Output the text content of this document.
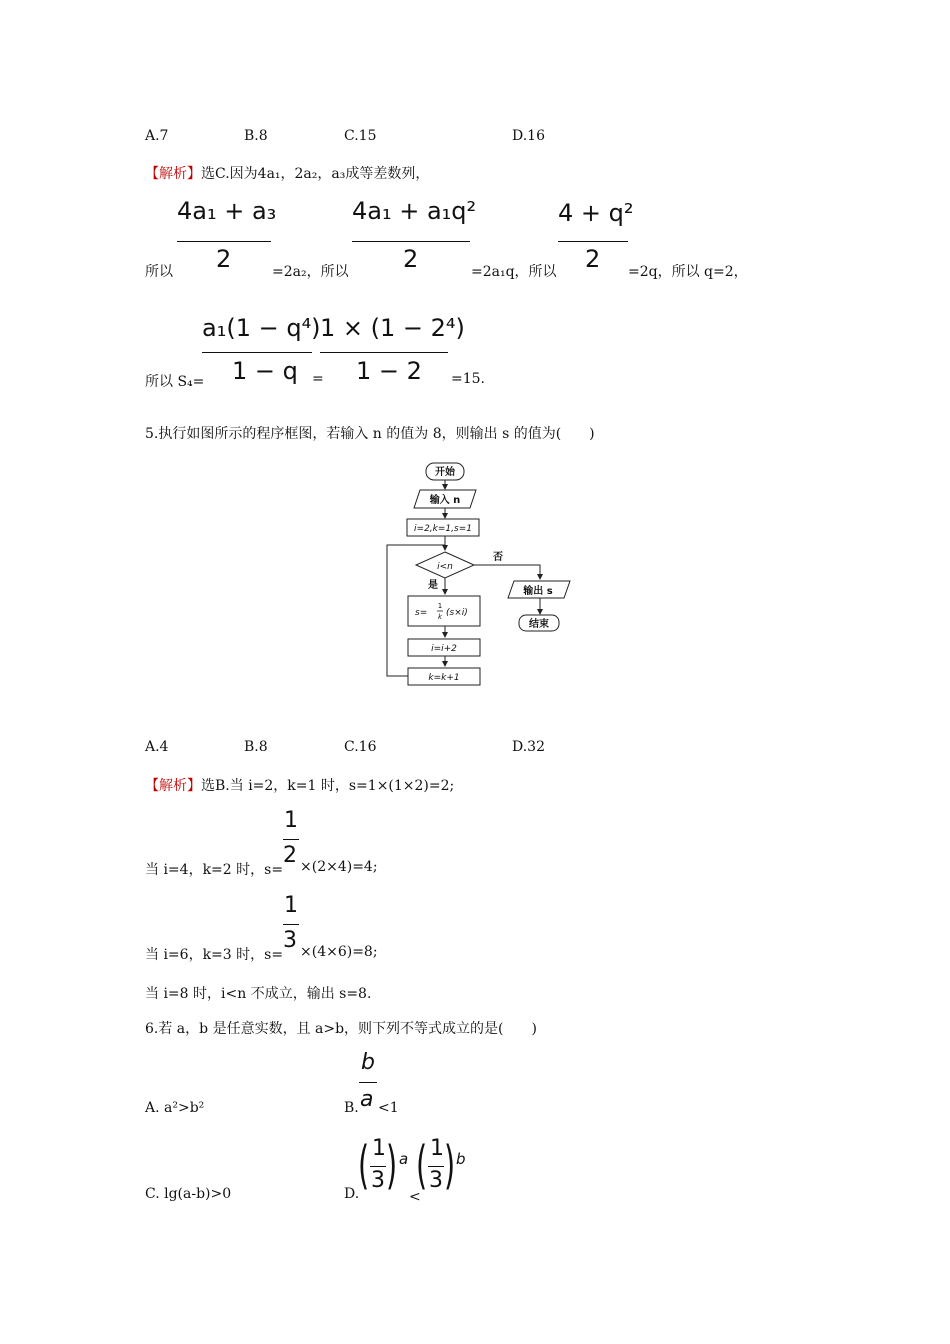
A.7	B.8	C.15	D.16
【解析】选C.因为4a₁，2a₂，a₃成等差数列，
4a₁ + a₃
2
4a₁ + a₁q²
2
4 + q²
2
所以	=2a₂，所以	=2a₁q，所以	=2q，所以 q=2，
a₁(1 − q⁴)
1 − q
1 × (1 − 2⁴)
1 − 2
所以 S₄=	=	=15.
5.执行如图所示的程序框图，若输入 n 的值为 8，则输出 s 的值为(　　)
开始
输入 n
i=2,k=1,s=1
i<n
否
是
输出 s
结束
s=
1
k (s×i)
i=i+2
k=k+1
A.4	B.8	C.16	D.32
【解析】选B.当 i=2，k=1 时，s=1×(1×2)=2;
1
2
当 i=4，k=2 时，s= ×(2×4)=4;
1
3
当 i=6，k=3 时，s= ×(4×6)=8;
当 i=8 时，i<n 不成立，输出 s=8.
6.若 a，b 是任意实数，且 a>b，则下列不等式成立的是(　　)
A. a²>b²	B.
b
a <1
C. lg(a-b)>0	D.
( 1
3 ) a
<
( 1
3 ) b
